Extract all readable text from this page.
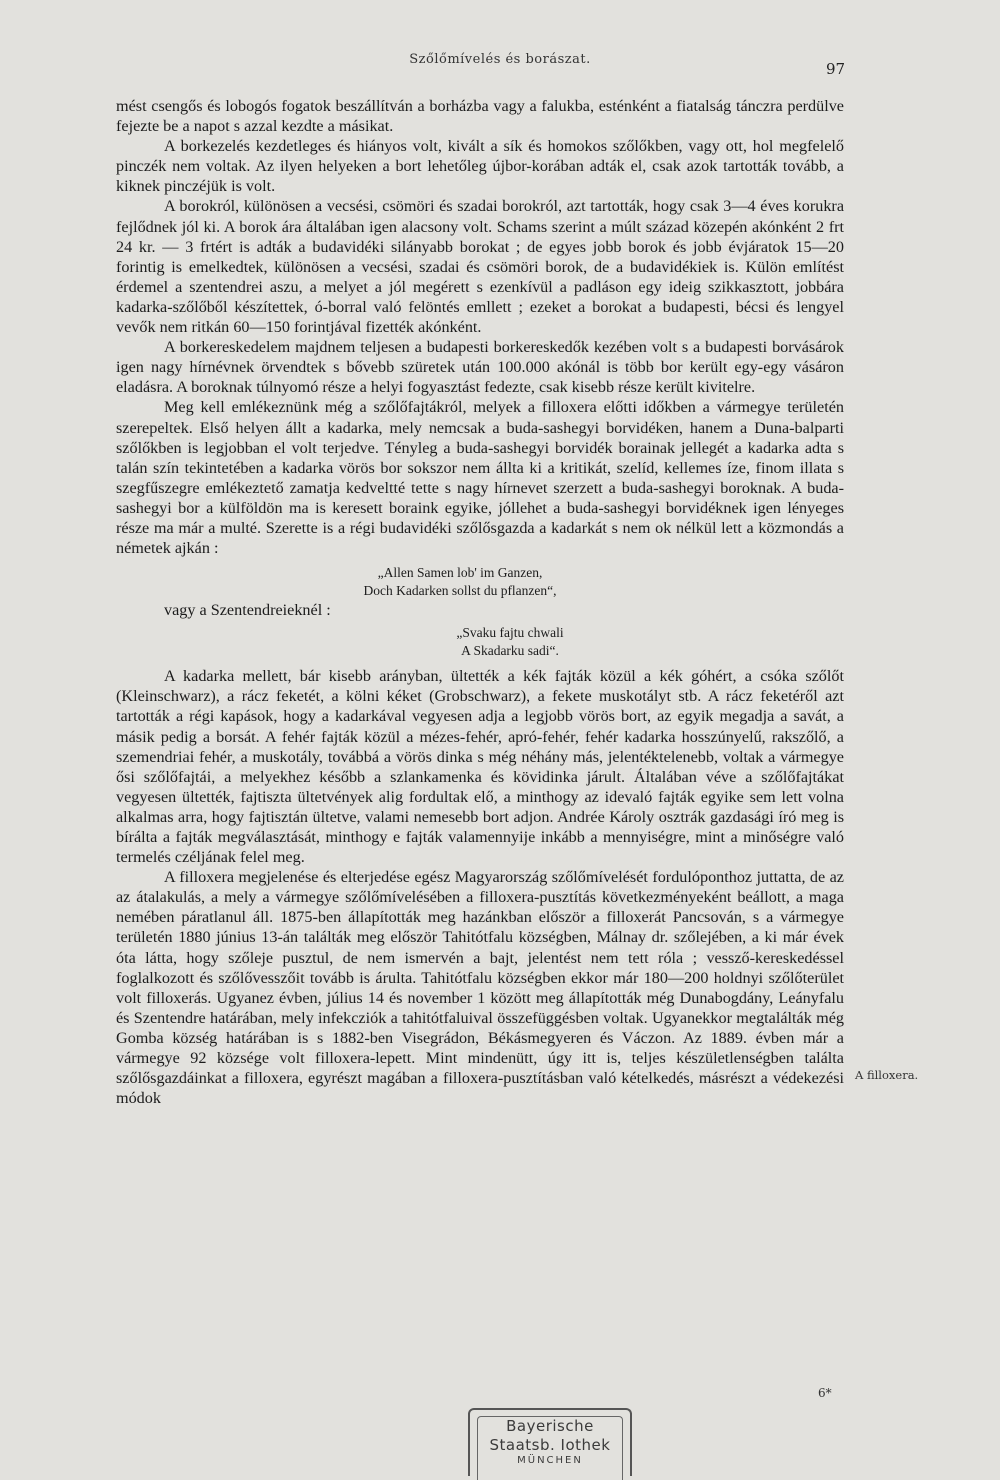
Szőlőmívelés és borászat.
97

mést csengős és lobogós fogatok beszállítván a borházba vagy a falukba, esténként a fiatalság tánczra perdülve fejezte be a napot s azzal kezdte a másikat.

A borkezelés kezdetleges és hiányos volt, kivált a sík és homokos szőlőkben, vagy ott, hol megfelelő pinczék nem voltak. Az ilyen helyeken a bort lehetőleg újbor-korában adták el, csak azok tartották tovább, a kiknek pinczéjük is volt.

A borokról, különösen a vecsési, csömöri és szadai borokról, azt tartották, hogy csak 3—4 éves korukra fejlődnek jól ki. A borok ára általában igen alacsony volt. Schams szerint a múlt század közepén akónként 2 frt 24 kr. — 3 frtért is adták a budavidéki silányabb borokat ; de egyes jobb borok és jobb évjáratok 15—20 forintig is emelkedtek, különösen a vecsési, szadai és csömöri borok, de a budavidékiek is. Külön említést érdemel a szentendrei aszu, a melyet a jól megérett s ezenkívül a padláson egy ideig szikkasztott, jobbára kadarka-szőlőből készítettek, ó-borral való felöntés emllett ; ezeket a borokat a budapesti, bécsi és lengyel vevők nem ritkán 60—150 forintjával fizették akónként.

A borkereskedelem majdnem teljesen a budapesti borkereskedők kezében volt s a budapesti borvásárok igen nagy hírnévnek örvendtek s bővebb szüretek után 100.000 akónál is több bor került egy-egy vásáron eladásra. A boroknak túlnyomó része a helyi fogyasztást fedezte, csak kisebb része került kivitelre.

Meg kell emlékeznünk még a szőlőfajtákról, melyek a filloxera előtti időkben a vármegye területén szerepeltek. Első helyen állt a kadarka, mely nemcsak a buda-sashegyi borvidéken, hanem a Duna-balparti szőlőkben is legjobban el volt terjedve. Tényleg a buda-sashegyi borvidék borainak jellegét a kadarka adta s talán szín tekintetében a kadarka vörös bor sokszor nem állta ki a kritikát, szelíd, kellemes íze, finom illata s szegfűszegre emlékeztető zamatja kedveltté tette s nagy hírnevet szerzett a buda-sashegyi boroknak. A buda-sashegyi bor a külföldön ma is keresett boraink egyike, jóllehet a buda-sashegyi borvidéknek igen lényeges része ma már a multé. Szerette is a régi budavidéki szőlősgazda a kadarkát s nem ok nélkül lett a közmondás a németek ajkán :

„Allen Samen lob' im Ganzen,
Doch Kadarken sollst du pflanzen“,

vagy a Szentendreieknél :

„Svaku fajtu chwali
A Skadarku sadi“.

A kadarka mellett, bár kisebb arányban, ültették a kék fajták közül a kék góhért, a csóka szőlőt (Kleinschwarz), a rácz feketét, a kölni kéket (Grobschwarz), a fekete muskotályt stb. A rácz feketéről azt tartották a régi kapások, hogy a kadarkával vegyesen adja a legjobb vörös bort, az egyik megadja a savát, a másik pedig a borsát. A fehér fajták közül a mézes-fehér, apró-fehér, fehér kadarka hosszúnyelű, rakszőlő, a szemendriai fehér, a muskotály, továbbá a vörös dinka s még néhány más, jelentéktelenebb, voltak a vármegye ősi szőlőfajtái, a melyekhez később a szlankamenka és kövidinka járult. Általában véve a szőlőfajtákat vegyesen ültették, fajtiszta ültetvények alig fordultak elő, a minthogy az idevaló fajták egyike sem lett volna alkalmas arra, hogy fajtisztán ültetve, valami nemesebb bort adjon. Andrée Károly osztrák gazdasági író meg is bírálta a fajták megválasztását, minthogy e fajták valamennyije inkább a mennyiségre, mint a minőségre való termelés czéljának felel meg.

A filloxera megjelenése és elterjedése egész Magyarország szőlőmívelését fordulóponthoz juttatta, de az az átalakulás, a mely a vármegye szőlőmívelésében a filloxera-pusztítás következményeként beállott, a maga nemében páratlanul áll. 1875-ben állapították meg hazánkban először a filloxerát Pancsován, s a vármegye területén 1880 június 13-án találták meg először Tahitótfalu községben, Málnay dr. szőlejében, a ki már évek óta látta, hogy szőleje pusztul, de nem ismervén a bajt, jelentést nem tett róla ; vessző-kereskedéssel foglalkozott és szőlővesszőit tovább is árulta. Tahitótfalu községben ekkor már 180—200 holdnyi szőlőterület volt filloxerás. Ugyanez évben, július 14 és november 1 között meg állapították még Dunabogdány, Leányfalu és Szentendre határában, mely infekcziók a tahitótfaluival összefüggésben voltak. Ugyanekkor megtalálták még Gomba község határában is s 1882-ben Visegrádon, Békásmegyeren és Váczon. Az 1889. évben már a vármegye 92 községe volt filloxera-lepett. Mint mindenütt, úgy itt is, teljes készületlenségben találta szőlősgazdáinkat a filloxera, egyrészt magában a filloxera-pusztításban való kételkedés, másrészt a védekezési módok

A filloxera.
6*
Bayerische
Staatsb. Iothek
MÜNCHEN
